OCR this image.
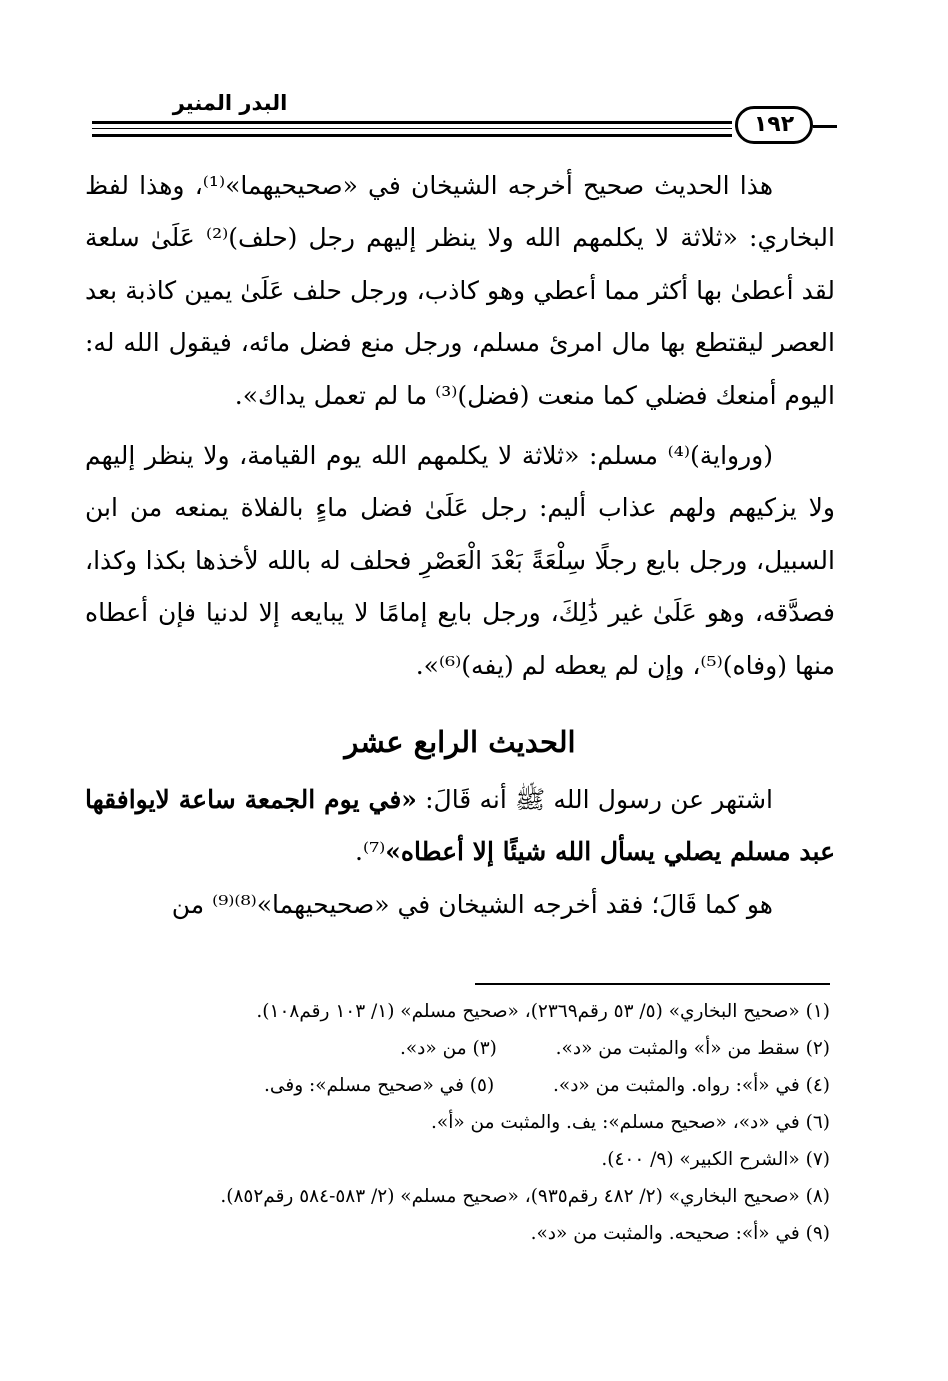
البدر المنير
١٩٢

هذا الحديث صحيح أخرجه الشيخان في «صحيحيهما»⁽¹⁾، وهذا لفظ البخاري: «ثلاثة لا يكلمهم الله ولا ينظر إليهم رجل (حلف)⁽²⁾ عَلَىٰ سلعة لقد أعطىٰ بها أكثر مما أعطي وهو كاذب، ورجل حلف عَلَىٰ يمين كاذبة بعد العصر ليقتطع بها مال امرئ مسلم، ورجل منع فضل مائه، فيقول الله له: اليوم أمنعك فضلي كما منعت (فضل)⁽³⁾ ما لم تعمل يداك».

(ورواية)⁽⁴⁾ مسلم: «ثلاثة لا يكلمهم الله يوم القيامة، ولا ينظر إليهم ولا يزكيهم ولهم عذاب أليم: رجل عَلَىٰ فضل ماءٍ بالفلاة يمنعه من ابن السبيل، ورجل بايع رجلًا سِلْعَةً بَعْدَ الْعَصْرِ فحلف له بالله لأخذها بكذا وكذا، فصدَّقه، وهو عَلَىٰ غير ذَٰلِكَ، ورجل بايع إمامًا لا يبايعه إلا لدنيا فإن أعطاه منها (وفاه)⁽⁵⁾، وإن لم يعطه لم (يفه)⁽⁶⁾».

الحديث الرابع عشر

اشتهر عن رسول الله ﷺ أنه قَالَ: «في يوم الجمعة ساعة لايوافقها عبد مسلم يصلي يسأل الله شيئًا إلا أعطاه»⁽⁷⁾.

هو كما قَالَ؛ فقد أخرجه الشيخان في «صحيحيهما»⁽⁸⁾⁽⁹⁾ من

(١) «صحيح البخاري» (٥/ ٥٣ رقم٢٣٦٩)، «صحيح مسلم» (١/ ١٠٣ رقم١٠٨).

(٢) سقط من «أ» والمثبت من «د».          (٣) من «د».

(٤) في «أ»: رواه. والمثبت من «د».          (٥) في «صحيح مسلم»: وفى.

(٦) في «د»، «صحيح مسلم»: يف. والمثبت من «أ».

(٧) «الشرح الكبير» (٩/ ٤٠٠).

(٨) «صحيح البخاري» (٢/ ٤٨٢ رقم٩٣٥)، «صحيح مسلم» (٢/ ٥٨٣-٥٨٤ رقم٨٥٢).

(٩) في «أ»: صحيحه. والمثبت من «د».
